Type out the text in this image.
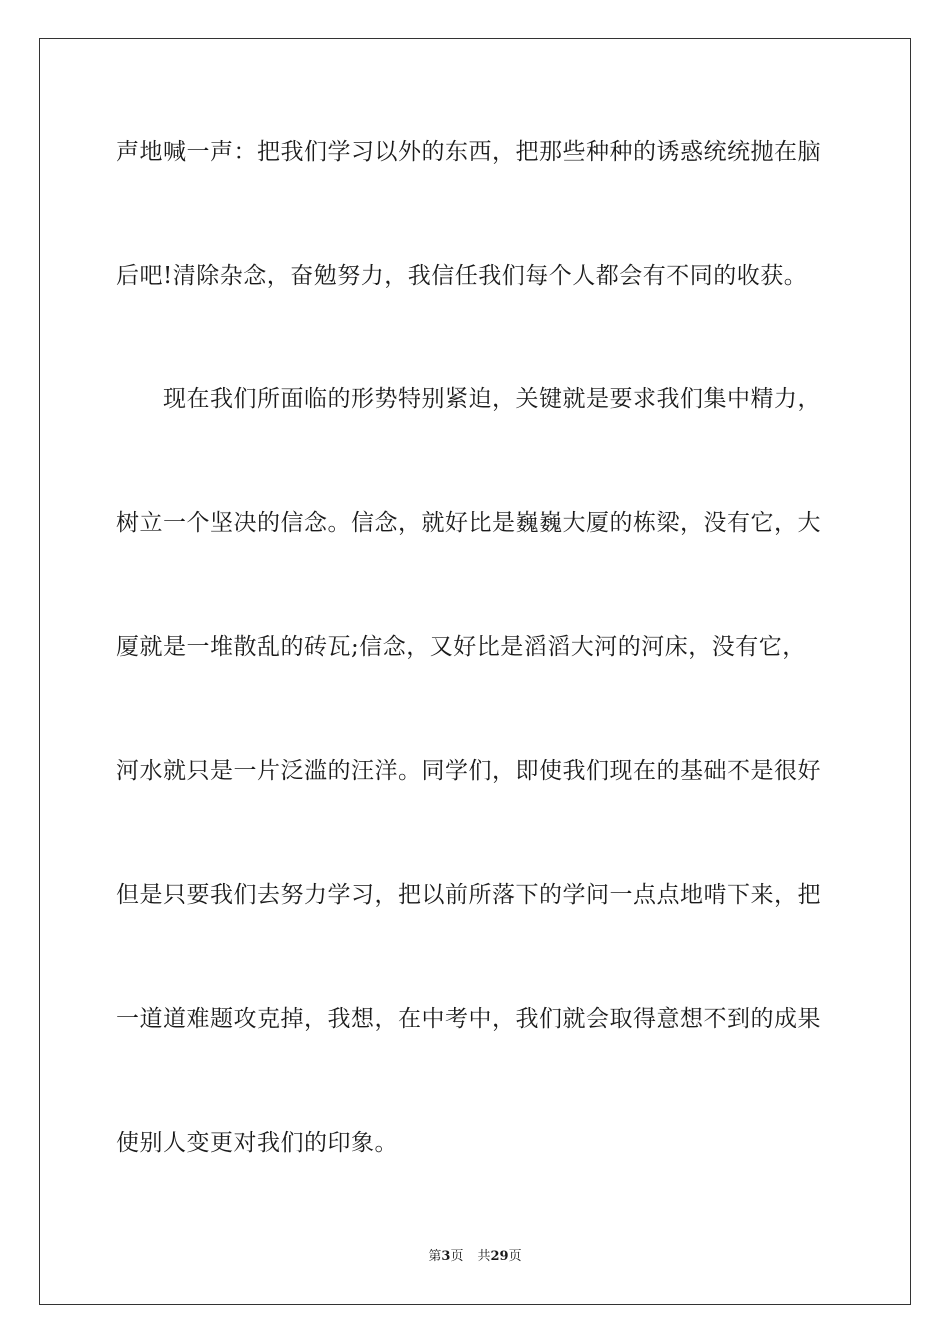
声地喊一声：把我们学习以外的东西，把那些种种的诱惑统统抛在脑
后吧!清除杂念，奋勉努力，我信任我们每个人都会有不同的收获。
　　现在我们所面临的形势特别紧迫，关键就是要求我们集中精力，
树立一个坚决的信念。信念，就好比是巍巍大厦的栋梁，没有它，大
厦就是一堆散乱的砖瓦;信念，又好比是滔滔大河的河床，没有它，
河水就只是一片泛滥的汪洋。同学们，即使我们现在的基础不是很好
但是只要我们去努力学习，把以前所落下的学问一点点地啃下来，把
一道道难题攻克掉，我想，在中考中，我们就会取得意想不到的成果
使别人变更对我们的印象。
第3页 共29页
